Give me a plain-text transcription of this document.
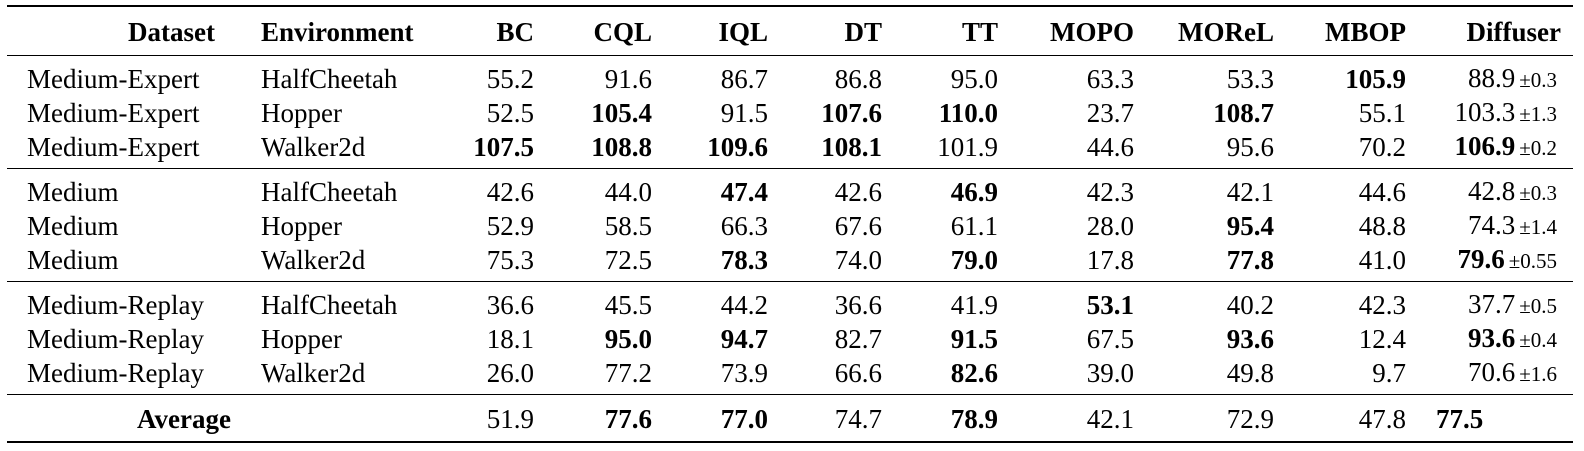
Dataset	Environment	BC	CQL	IQL	DT	TT	MOPO	MOReL	MBOP	Diffuser
Medium-Expert	HalfCheetah	55.2	91.6	86.7	86.8	95.0	63.3	53.3	105.9	88.9 ±0.3
Medium-Expert	Hopper	52.5	105.4	91.5	107.6	110.0	23.7	108.7	55.1	103.3 ±1.3
Medium-Expert	Walker2d	107.5	108.8	109.6	108.1	101.9	44.6	95.6	70.2	106.9 ±0.2
Medium	HalfCheetah	42.6	44.0	47.4	42.6	46.9	42.3	42.1	44.6	42.8 ±0.3
Medium	Hopper	52.9	58.5	66.3	67.6	61.1	28.0	95.4	48.8	74.3 ±1.4
Medium	Walker2d	75.3	72.5	78.3	74.0	79.0	17.8	77.8	41.0	79.6 ±0.55
Medium-Replay	HalfCheetah	36.6	45.5	44.2	36.6	41.9	53.1	40.2	42.3	37.7 ±0.5
Medium-Replay	Hopper	18.1	95.0	94.7	82.7	91.5	67.5	93.6	12.4	93.6 ±0.4
Medium-Replay	Walker2d	26.0	77.2	73.9	66.6	82.6	39.0	49.8	9.7	70.6 ±1.6
Average		51.9	77.6	77.0	74.7	78.9	42.1	72.9	47.8	77.5
